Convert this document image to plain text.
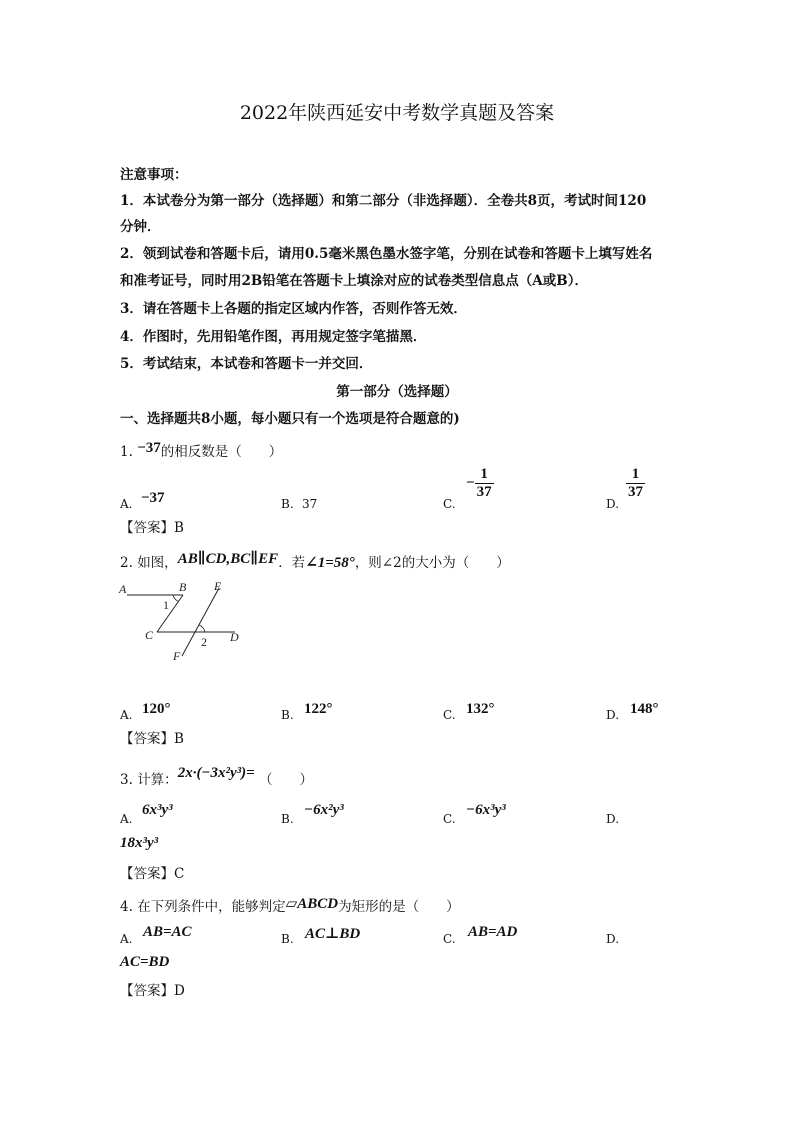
2022年陕西延安中考数学真题及答案
注意事项：
1．本试卷分为第一部分（选择题）和第二部分（非选择题）．全卷共8页，考试时间120
分钟．
2．领到试卷和答题卡后，请用0.5毫米黑色墨水签字笔，分别在试卷和答题卡上填写姓名
和准考证号，同时用2B铅笔在答题卡上填涂对应的试卷类型信息点（A或B）．
3．请在答题卡上各题的指定区域内作答，否则作答无效．
4．作图时，先用铅笔作图，再用规定签字笔描黑．
5．考试结束，本试卷和答题卡一并交回．
第一部分（选择题）
一、选择题共8小题，每小题只有一个选项是符合题意的)
1. −37的相反数是（　　）
A. −37	B. 37	C.
− $\frac{1}{37}$
D.
$\frac{1}{37}$
【答案】B
2. 如图，AB∥CD,BC∥EF．若∠1=58°，则∠2的大小为（　　）
A	B E
1
C	D
2
F
A. 120°	B. 122°	C. 132°	D. 148°
【答案】B
3. 计算：2x·(−3x²y³)= （　　）
A.
6x³y³
B.
−6x²y³
C.
−6x³y³
D.
18x³y³
【答案】C
4. 在下列条件中，能够判定▱ABCD为矩形的是（　　）
A. AB=AC	B. AC⊥BD	C. AB=AD	D.
AC=BD
【答案】D
